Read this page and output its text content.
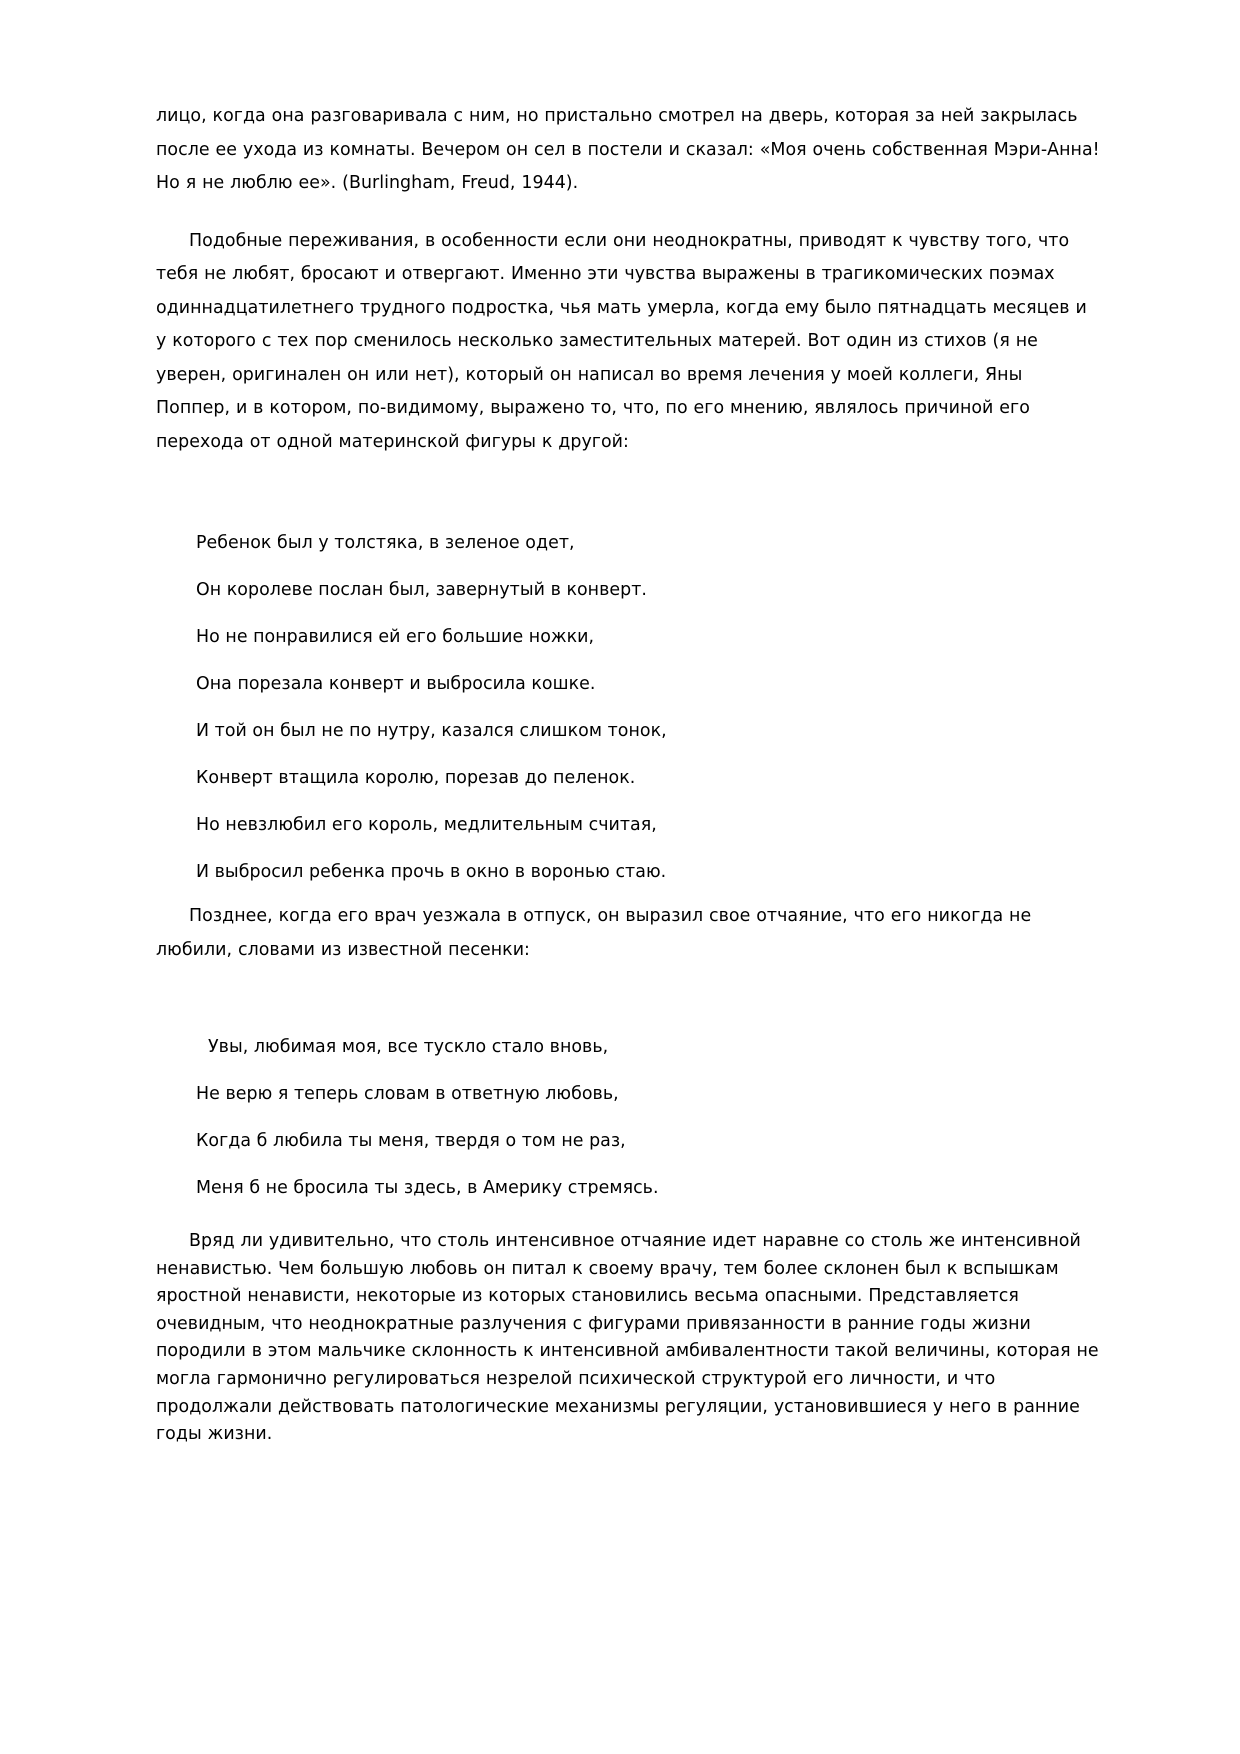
лицо, когда она разговаривала с ним, но пристально смотрел на дверь, которая за ней закрылась после ее ухода из комнаты. Вечером он сел в постели и сказал: «Моя очень собственная Мэри-Анна! Но я не люблю ее». (Burlingham, Freud, 1944).

Подобные переживания, в особенности если они неоднократны, приводят к чувству того, что тебя не любят, бросают и отвергают. Именно эти чувства выражены в трагикомических поэмах одиннадцатилетнего трудного подростка, чья мать умерла, когда ему было пятнадцать месяцев и у которого с тех пор сменилось несколько заместительных матерей. Вот один из стихов (я не уверен, оригинален он или нет), который он написал во время лечения у моей коллеги, Яны Поппер, и в котором, по-видимому, выражено то, что, по его мнению, являлось причиной его перехода от одной материнской фигуры к другой:

Ребенок был у толстяка, в зеленое одет,
Он королеве послан был, завернутый в конверт.
Но не понравилися ей его большие ножки,
Она порезала конверт и выбросила кошке.
И той он был не по нутру, казался слишком тонок,
Конверт втащила королю, порезав до пеленок.
Но невзлюбил его король, медлительным считая,
И выбросил ребенка прочь в окно в воронью стаю.

Позднее, когда его врач уезжала в отпуск, он выразил свое отчаяние, что его никогда не любили, словами из известной песенки:

Увы, любимая моя, все тускло стало вновь,
Не верю я теперь словам в ответную любовь,
Когда б любила ты меня, твердя о том не раз,
Меня б не бросила ты здесь, в Америку стремясь.

Вряд ли удивительно, что столь интенсивное отчаяние идет наравне со столь же интенсивной ненавистью. Чем большую любовь он питал к своему врачу, тем более склонен был к вспышкам яростной ненависти, некоторые из которых становились весьма опасными. Представляется очевидным, что неоднократные разлучения с фигурами привязанности в ранние годы жизни породили в этом мальчике склонность к интенсивной амбивалентности такой величины, которая не могла гармонично регулироваться незрелой психической структурой его личности, и что продолжали действовать патологические механизмы регуляции, установившиеся у него в ранние годы жизни.
